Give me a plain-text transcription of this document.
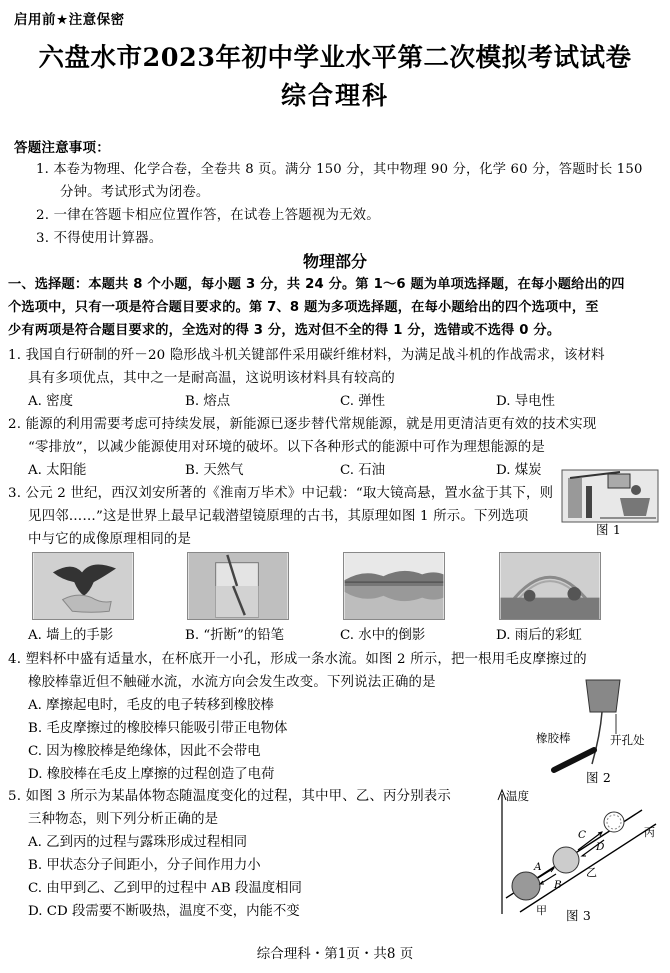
启用前★注意保密
六盘水市2023年初中学业水平第二次模拟考试试卷
综合理科
答题注意事项：
1. 本卷为物理、化学合卷，全卷共 8 页。满分 150 分，其中物理 90 分，化学 60 分，答题时长 150
分钟。考试形式为闭卷。
2. 一律在答题卡相应位置作答，在试卷上答题视为无效。
3. 不得使用计算器。
物理部分
一、选择题：本题共 8 个小题，每小题 3 分，共 24 分。第 1～6 题为单项选择题，在每小题给出的四
个选项中，只有一项是符合题目要求的。第 7、8 题为多项选择题，在每小题给出的四个选项中，至
少有两项是符合题目要求的，全选对的得 3 分，选对但不全的得 1 分，选错或不选得 0 分。
1. 我国自行研制的歼－20 隐形战斗机关键部件采用碳纤维材料，为满足战斗机的作战需求，该材料
具有多项优点，其中之一是耐高温，这说明该材料具有较高的
A. 密度	B. 熔点	C. 弹性	D. 导电性
2. 能源的利用需要考虑可持续发展，新能源已逐步替代常规能源，就是用更清洁更有效的技术实现
“零排放”，以减少能源使用对环境的破坏。以下各种形式的能源中可作为理想能源的是
A. 太阳能	B. 天然气	C. 石油	D. 煤炭
3. 公元 2 世纪，西汉刘安所著的《淮南万毕术》中记载：“取大镜高悬，置水盆于其下，则
见四邻……”这是世界上最早记载潜望镜原理的古书，其原理如图 1 所示。下列选项
中与它的成像原理相同的是
图 1
A. 墙上的手影	B. “折断”的铅笔	C. 水中的倒影	D. 雨后的彩虹
4. 塑料杯中盛有适量水，在杯底开一小孔，形成一条水流。如图 2 所示，把一根用毛皮摩擦过的
橡胶棒靠近但不触碰水流，水流方向会发生改变。下列说法正确的是
A. 摩擦起电时，毛皮的电子转移到橡胶棒
B. 毛皮摩擦过的橡胶棒只能吸引带正电物体
C. 因为橡胶棒是绝缘体，因此不会带电
D. 橡胶棒在毛皮上摩擦的过程创造了电荷
开孔处
橡胶棒
图 2
5. 如图 3 所示为某晶体物态随温度变化的过程，其中甲、乙、丙分别表示
三种物态，则下列分析正确的是
A. 乙到丙的过程与露珠形成过程相同
B. 甲状态分子间距小，分子间作用力小
C. 由甲到乙、乙到甲的过程中 AB 段温度相同
D. CD 段需要不断吸热，温度不变，内能不变
温度
A
B
C
D
丙
乙
甲 图 3
综合理科・第1页・共8 页
